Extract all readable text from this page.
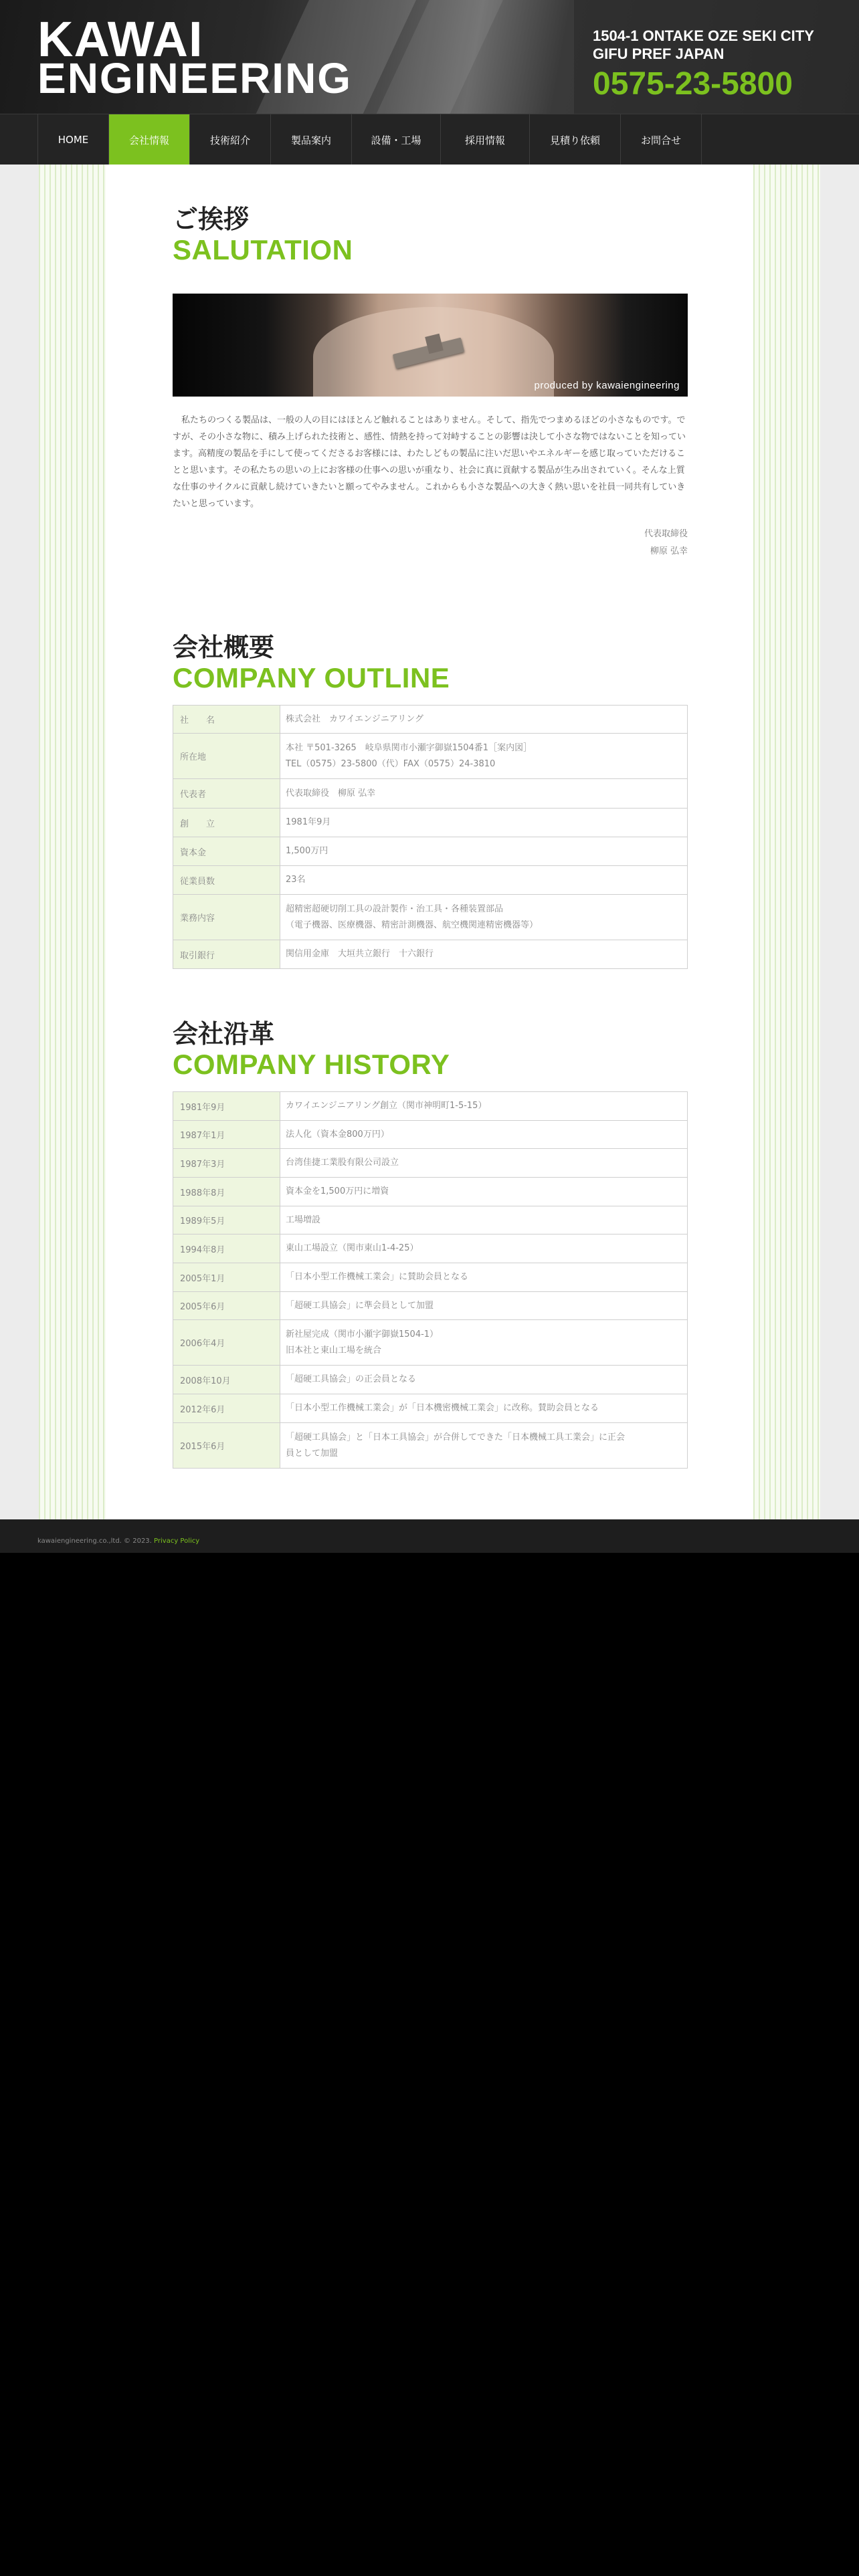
KAWAI
ENGINEERING
1504-1 ONTAKE OZE SEKI CITY
GIFU PREF JAPAN
0575-23-5800
HOME	会社情報	技術紹介	製品案内	設備・工場	採用情報	見積り依頼	お問合せ
ご挨拶
SALUTATION
produced by kawaiengineering

私たちのつくる製品は、一般の人の目にはほとんど触れることはありません。そして、指先でつまめるほどの小さなものです。ですが、その小さな物に、積み上げられた技術と、感性、情熱を持って対峙することの影響は決して小さな物ではないことを知っています。高精度の製品を手にして使ってくださるお客様には、わたしどもの製品に注いだ思いやエネルギーを感じ取っていただけることと思います。その私たちの思いの上にお客様の仕事への思いが重なり、社会に真に貢献する製品が生み出されていく。そんな上質な仕事のサイクルに貢献し続けていきたいと願ってやみません。これからも小さな製品への大きく熱い思いを社員一同共有していきたいと思っています。

代表取締役
柳原 弘幸
会社概要
COMPANY OUTLINE
社　　名	株式会社　カワイエンジニアリング

所在地	本社 〒501-3265　岐阜県関市小瀬字御嶽1504番1［案内図］
TEL（0575）23-5800（代）FAX（0575）24-3810

代表者	代表取締役　柳原 弘幸

創　　立	1981年9月

資本金	1,500万円

従業員数	23名

業務内容	超精密超硬切削工具の設計製作・治工具・各種装置部品
（電子機器、医療機器、精密計測機器、航空機関連精密機器等）

取引銀行	関信用金庫　大垣共立銀行　十六銀行
会社沿革
COMPANY HISTORY
1981年9月	カワイエンジニアリング創立（関市神明町1-5-15）
1987年1月	法人化（資本金800万円）
1987年3月	台湾佳捷工業股有限公司設立
1988年8月	資本金を1,500万円に増資
1989年5月	工場増設
1994年8月	東山工場設立（関市東山1-4-25）
2005年1月	「日本小型工作機械工業会」に賛助会員となる
2005年6月	「超硬工具協会」に準会員として加盟
2006年4月	新社屋完成（関市小瀬字御嶽1504-1）
旧本社と東山工場を統合

2008年10月	「超硬工具協会」の正会員となる
2012年6月	「日本小型工作機械工業会」が「日本機密機械工業会」に改称。賛助会員となる
2015年6月	「超硬工具協会」と「日本工具協会」が合併してできた「日本機械工具工業会」に正会
員として加盟
kawaiengineering.co.,ltd. © 2023. Privacy Policy
